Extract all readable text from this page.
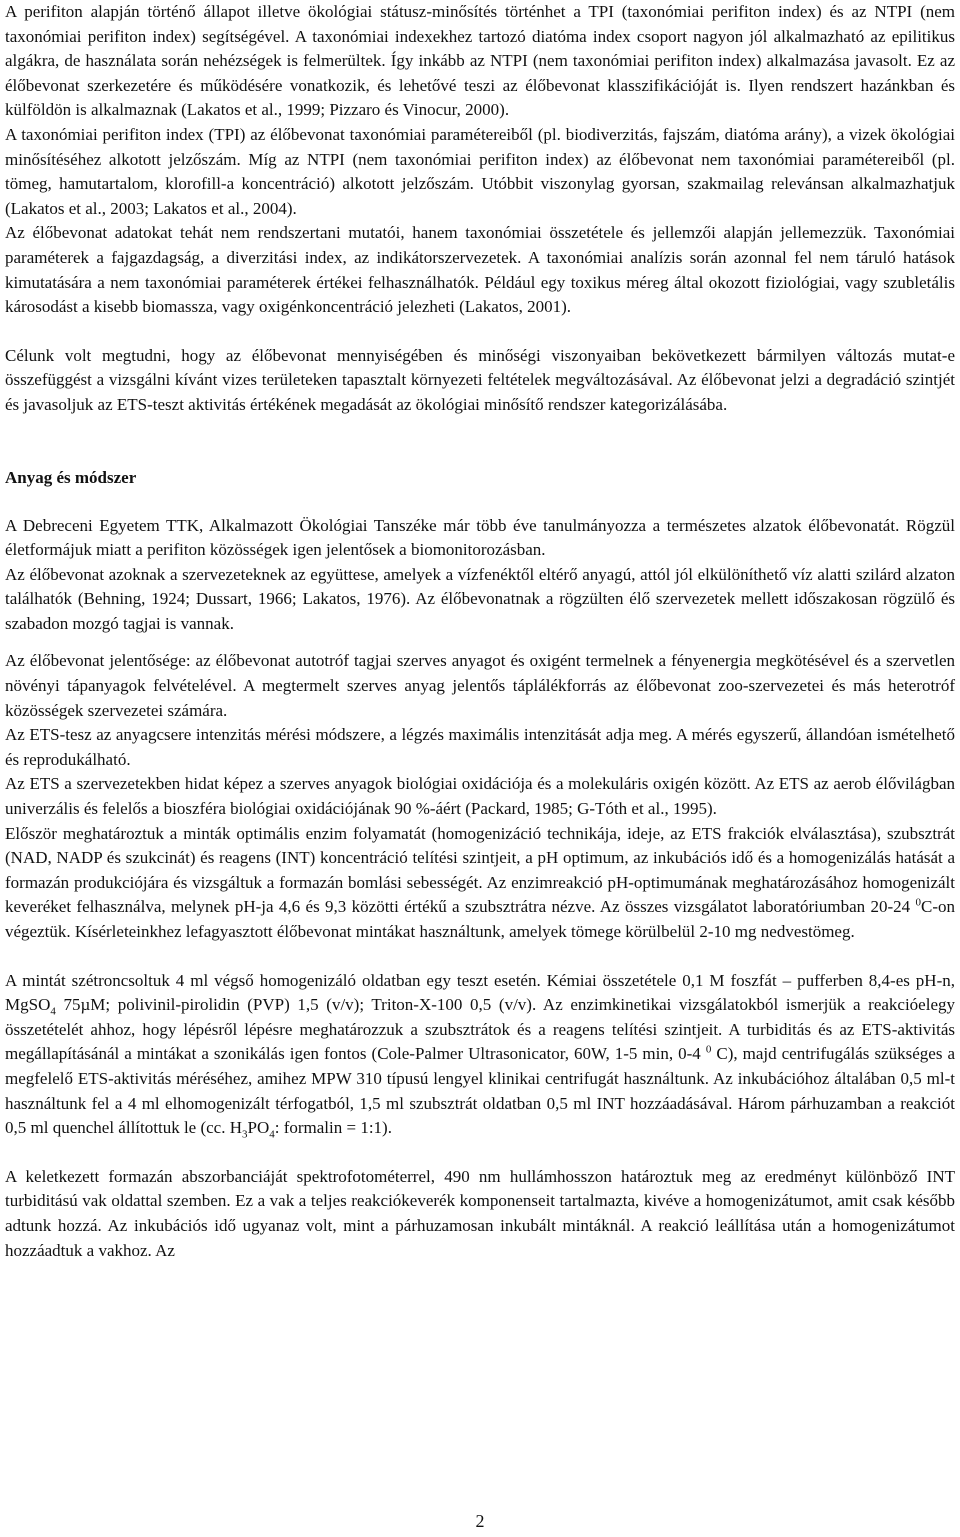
A perifiton alapján történő állapot illetve ökológiai státusz-minősítés történhet a TPI (taxonómiai perifiton index) és az NTPI (nem taxonómiai perifiton index) segítségével. A taxonómiai indexekhez tartozó diatóma index csoport nagyon jól alkalmazható az epilitikus algákra, de használata során nehézségek is felmerültek. Így inkább az NTPI (nem taxonómiai perifiton index) alkalmazása javasolt. Ez az élőbevonat szerkezetére és működésére vonatkozik, és lehetővé teszi az élőbevonat klasszifikációját is. Ilyen rendszert hazánkban és külföldön is alkalmaznak (Lakatos et al., 1999; Pizzaro és Vinocur, 2000).

A taxonómiai perifiton index (TPI) az élőbevonat taxonómiai paramétereiből (pl. biodiverzitás, fajszám, diatóma arány), a vizek ökológiai minősítéséhez alkotott jelzőszám. Míg az NTPI (nem taxonómiai perifiton index) az élőbevonat nem taxonómiai paramétereiből (pl. tömeg, hamutartalom, klorofill-a koncentráció) alkotott jelzőszám. Utóbbit viszonylag gyorsan, szakmailag relevánsan alkalmazhatjuk (Lakatos et al., 2003; Lakatos et al., 2004).

Az élőbevonat adatokat tehát nem rendszertani mutatói, hanem taxonómiai összetétele és jellemzői alapján jellemezzük. Taxonómiai paraméterek a fajgazdagság, a diverzitási index, az indikátorszervezetek. A taxonómiai analízis során azonnal fel nem táruló hatások kimutatására a nem taxonómiai paraméterek értékei felhasználhatók. Például egy toxikus méreg által okozott fiziológiai, vagy szubletális károsodást a kisebb biomassza, vagy oxigénkoncentráció jelezheti (Lakatos, 2001).

Célunk volt megtudni, hogy az élőbevonat mennyiségében és minőségi viszonyaiban bekövetkezett bármilyen változás mutat-e összefüggést a vizsgálni kívánt vizes területeken tapasztalt környezeti feltételek megváltozásával. Az élőbevonat jelzi a degradáció szintjét és javasoljuk az ETS-teszt aktivitás értékének megadását az ökológiai minősítő rendszer kategorizálásába.

Anyag és módszer

A Debreceni Egyetem TTK, Alkalmazott Ökológiai Tanszéke már több éve tanulmányozza a természetes alzatok élőbevonatát. Rögzül életformájuk miatt a perifiton közösségek igen jelentősek a biomonitorozásban.

Az élőbevonat azoknak a szervezeteknek az együttese, amelyek a vízfenéktől eltérő anyagú, attól jól elkülöníthető víz alatti szilárd alzaton találhatók (Behning, 1924; Dussart, 1966; Lakatos, 1976). Az élőbevonatnak a rögzülten élő szervezetek mellett időszakosan rögzülő és szabadon mozgó tagjai is vannak.

Az élőbevonat jelentősége: az élőbevonat autotróf tagjai szerves anyagot és oxigént termelnek a fényenergia megkötésével és a szervetlen növényi tápanyagok felvételével. A megtermelt szerves anyag jelentős táplálékforrás az élőbevonat zoo-szervezetei és más heterotróf közösségek szervezetei számára.

Az ETS-tesz az anyagcsere intenzitás mérési módszere, a légzés maximális intenzitását adja meg. A mérés egyszerű, állandóan ismételhető és reprodukálható.

Az ETS a szervezetekben hidat képez a szerves anyagok biológiai oxidációja és a molekuláris oxigén között. Az ETS az aerob élővilágban univerzális és felelős a bioszféra biológiai oxidációjának 90 %-áért (Packard, 1985; G-Tóth et al., 1995).

Először meghatároztuk a minták optimális enzim folyamatát (homogenizáció technikája, ideje, az ETS frakciók elválasztása), szubsztrát (NAD, NADP és szukcinát) és reagens (INT) koncentráció telítési szintjeit, a pH optimum, az inkubációs idő és a homogenizálás hatását a formazán produkciójára és vizsgáltuk a formazán bomlási sebességét. Az enzimreakció pH-optimumának meghatározásához homogenizált keveréket felhasználva, melynek pH-ja 4,6 és 9,3 közötti értékű a szubsztrátra nézve. Az összes vizsgálatot laboratóriumban 20-24 $^0$C-on végeztük. Kísérleteinkhez lefagyasztott élőbevonat mintákat használtunk, amelyek tömege körülbelül 2-10 mg nedvestömeg.

A mintát szétroncsoltuk 4 ml végső homogenizáló oldatban egy teszt esetén. Kémiai összetétele 0,1 M foszfát – pufferben 8,4-es pH-n, MgSO$_4$ 75µM; polivinil-pirolidin (PVP) 1,5 (v/v); Triton-X-100 0,5 (v/v). Az enzimkinetikai vizsgálatokból ismerjük a reakcióelegy összetételét ahhoz, hogy lépésről lépésre meghatározzuk a szubsztrátok és a reagens telítési szintjeit. A turbiditás és az ETS-aktivitás megállapításánál a mintákat a szonikálás igen fontos (Cole-Palmer Ultrasonicator, 60W, 1-5 min, 0-4 $^0$ C), majd centrifugálás szükséges a megfelelő ETS-aktivitás méréséhez, amihez MPW 310 típusú lengyel klinikai centrifugát használtunk. Az inkubációhoz általában 0,5 ml-t használtunk fel a 4 ml elhomogenizált térfogatból, 1,5 ml szubsztrát oldatban 0,5 ml INT hozzáadásával. Három párhuzamban a reakciót 0,5 ml quenchel állítottuk le (cc. $H_3PO_4$: formalin = 1:1).

A keletkezett formazán abszorbanciáját spektrofotométerrel, 490 nm hullámhosszon határoztuk meg az eredményt különböző INT turbiditású vak oldattal szemben. Ez a vak a teljes reakciókeverék komponenseit tartalmazta, kivéve a homogenizátumot, amit csak később adtunk hozzá. Az inkubációs idő ugyanaz volt, mint a párhuzamosan inkubált mintáknál. A reakció leállítása után a homogenizátumot hozzáadtuk a vakhoz. Az

2
